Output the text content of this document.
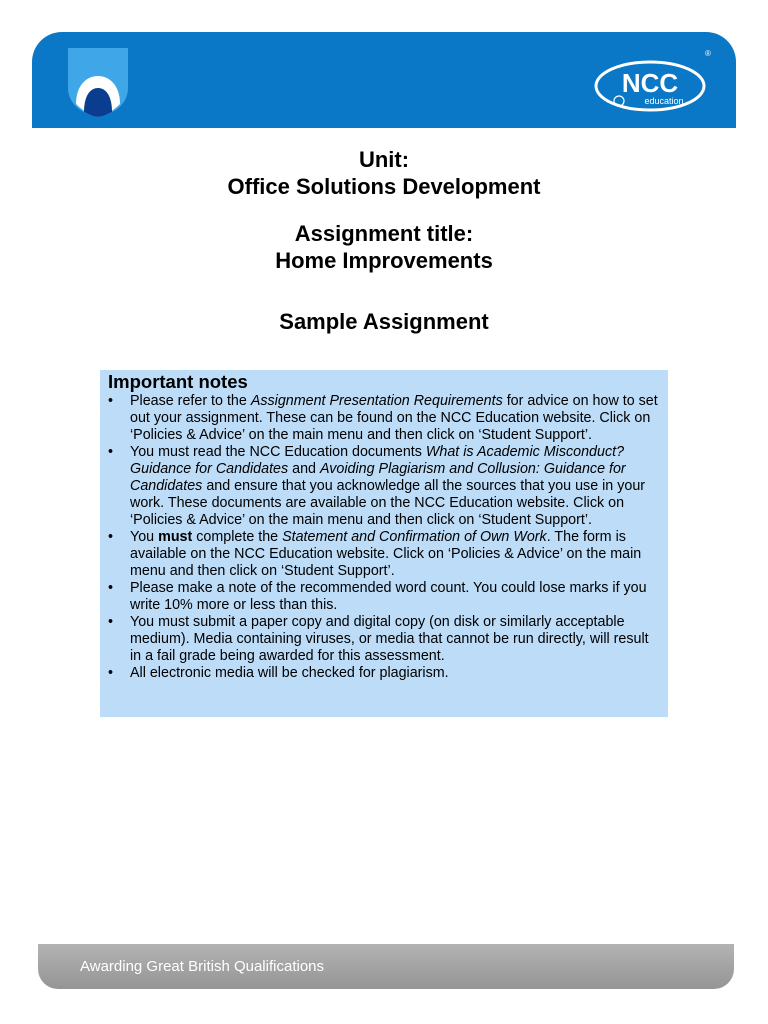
NCC
education
®
Unit:
Office Solutions Development
Assignment title:
Home Improvements
Sample Assignment
Important notes
• Please refer to the Assignment Presentation Requirements for advice on how to set out your assignment. These can be found on the NCC Education website. Click on ‘Policies & Advice’ on the main menu and then click on ‘Student Support’.
• You must read the NCC Education documents What is Academic Misconduct? Guidance for Candidates and Avoiding Plagiarism and Collusion: Guidance for Candidates and ensure that you acknowledge all the sources that you use in your work. These documents are available on the NCC Education website. Click on ‘Policies & Advice’ on the main menu and then click on ‘Student Support’.
• You must complete the Statement and Confirmation of Own Work. The form is available on the NCC Education website. Click on ‘Policies & Advice’ on the main menu and then click on ‘Student Support’.
• Please make a note of the recommended word count. You could lose marks if you write 10% more or less than this.
• You must submit a paper copy and digital copy (on disk or similarly acceptable medium). Media containing viruses, or media that cannot be run directly, will result in a fail grade being awarded for this assessment.
• All electronic media will be checked for plagiarism.
Awarding Great British Qualifications
